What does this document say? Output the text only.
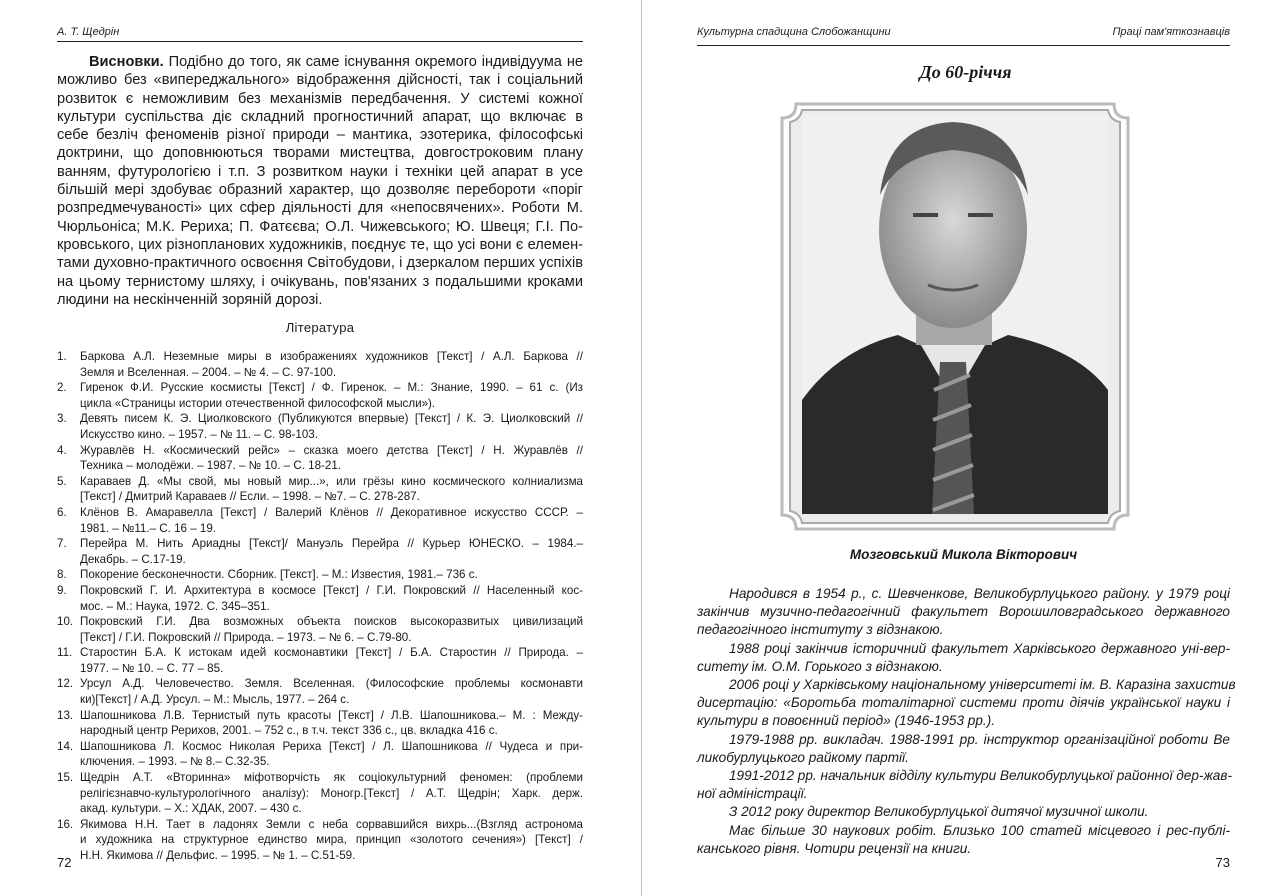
А. Т. Щедрін
Висновки. Подібно до того, як саме існування окремого індивідуума не
можливо без «випереджального» відображення дійсності, так і соціальний
розвиток є неможливим без механізмів передбачення. У системі кожної
культури суспільства діє складний прогностичний апарат, що включає в
себе безліч феноменів різної природи – мантика, эзотерика, філософські
доктрини, що доповнюються творами мистецтва, довгостроковим плану
ванням, футурологією і т.п. З розвитком науки і техніки цей апарат в усе
більшій мері здобуває образний характер, що дозволяє перебороти «поріг
розпредмечуваності» цих сфер діяльності для «непосвячених». Роботи М.
Чюрльоніса; М.К. Рериха; П. Фатєєва; О.Л. Чижевського; Ю. Швеця; Г.І. По-
кровського, цих різнопланових художників, поєднує те, що усі вони є елемен-
тами духовно-практичного освоєння Світобудови, і дзеркалом перших успіхів
на цьому тернистому шляху, і очікувань, пов'язаних з подальшими кроками
людини на нескінченній зоряній дорозі.
Література
1. Баркова А.Л. Неземные миры в изображениях художников [Текст] / А.Л. Баркова //
Земля и Вселенная. – 2004. – № 4. – С. 97-100.
2. Гиренок Ф.И. Русские космисты [Текст] / Ф. Гиренок. – М.: Знание, 1990. – 61 с. (Из
цикла «Страницы истории отечественной философской мысли»).
3. Девять писем К. Э. Циолковского (Публикуются впервые) [Текст] / К. Э. Циолковский //
Искусство кино. – 1957. – № 11. – С. 98-103.
4. Журавлёв Н. «Космический рейс» – сказка моего детства [Текст] / Н. Журавлёв //
Техника – молодёжи. – 1987. – № 10. – С. 18-21.
5. Караваев Д. «Мы свой, мы новый мир...», или грёзы кино космического колниализма
[Текст] / Дмитрий Караваев // Если. – 1998. – №7. – С. 278-287.
6. Клёнов В. Амаравелла [Текст] / Валерий Клёнов // Декоративное искусство СССР. –
1981. – №11.– С. 16 – 19.
7. Перейра М. Нить Ариадны [Текст]/ Мануэль Перейра // Курьер ЮНЕСКО. – 1984.–
Декабрь. – С.17-19.
8. Покорение бесконечности. Сборник. [Текст]. – М.: Известия, 1981.– 736 с.
9. Покровский Г. И. Архитектура в космосе [Текст] / Г.И. Покровский // Населенный кос-
мос. – М.: Наука, 1972. С. 345–351.
10. Покровский Г.И. Два возможных объекта поисков высокоразвитых цивилизаций
[Текст] / Г.И. Покровский // Природа. – 1973. – № 6. – С.79-80.
11. Старостин Б.А. К истокам идей космонавтики [Текст] / Б.А. Старостин // Природа. –
1977. – № 10. – С. 77 – 85.
12. Урсул А.Д. Человечество. Земля. Вселенная. (Философские проблемы космонавти
ки)[Текст] / А.Д. Урсул. – М.: Мысль, 1977. – 264 с.
13. Шапошникова Л.В. Тернистый путь красоты [Текст] / Л.В. Шапошникова.– М. : Между-
народный центр Рерихов, 2001. – 752 с., в т.ч. текст 336 с., цв. вкладка 416 с.
14. Шапошникова Л. Космос Николая Рериха [Текст] / Л. Шапошникова // Чудеса и при-
ключения. – 1993. – № 8.– С.32-35.
15. Щедрін А.Т. «Вторинна» міфотворчість як соціокультурний феномен: (проблеми
релігієзнавчо-культурологічного аналізу): Моногр.[Текст] / А.Т. Щедрін; Харк. держ.
акад. культури. – Х.: ХДАК, 2007. – 430 с.
16. Якимова Н.Н. Тает в ладонях Земли с неба сорвавшийся вихрь...(Взгляд астронома
и художника на структурное единство мира, принцип «золотого сечения») [Текст] /
Н.Н. Якимова // Дельфис. – 1995. – № 1. – С.51-59.
72
Культурна спадщина Слобожанщини	Праці пам'яткознавців
До 60-річчя
Мозговський Микола Вікторович
Народився в 1954 р., с. Шевченкове, Великобурлуцького району. у 1979 році
закінчив музично-педагогічний факультет Ворошиловградського державного
педагогічного інституту з відзнакою.
1988 році закінчив історичний факультет Харківського державного уні-вер-
ситету ім. О.М. Горького з відзнакою.
2006 році у Харківському національному університеті ім. В. Каразіна захистив
дисертацію: «Боротьба тоталітарної системи проти діячів української науки і
культури в повоєнний період» (1946-1953 рр.).
1979-1988 рр. викладач. 1988-1991 рр. інструктор організаційної роботи Ве
ликобурлуцького райкому партії.
1991-2012 рр. начальник відділу культури Великобурлуцької районної дер-жав-
ної адміністрації.
З 2012 року директор Великобурлуцької дитячої музичної школи.
Має більше 30 наукових робіт. Близько 100 статей місцевого і рес-публі-
канського рівня. Чотири рецензії на книги.
73
